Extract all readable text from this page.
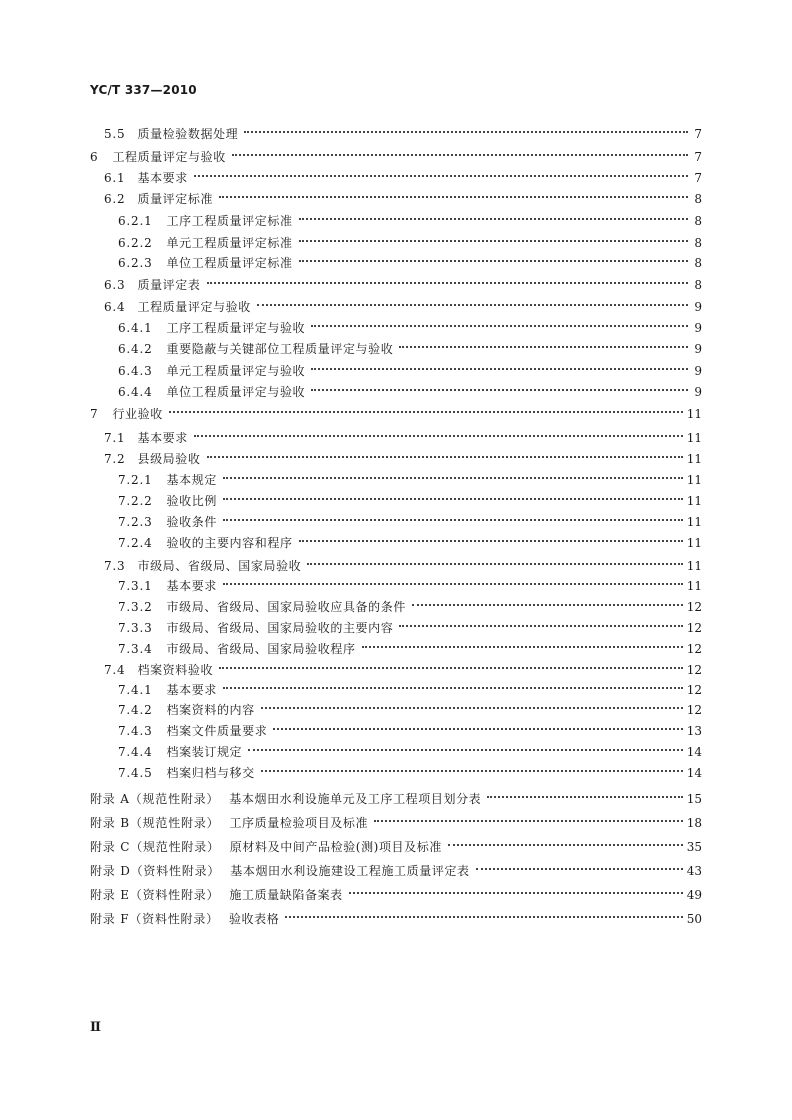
YC/T 337—2010
5.5 质量检验数据处理	7
6 工程质量评定与验收	7
6.1 基本要求	7
6.2 质量评定标准	8
6.2.1 工序工程质量评定标准	8
6.2.2 单元工程质量评定标准	8
6.2.3 单位工程质量评定标准	8
6.3 质量评定表	8
6.4 工程质量评定与验收	9
6.4.1 工序工程质量评定与验收	9
6.4.2 重要隐蔽与关键部位工程质量评定与验收	9
6.4.3 单元工程质量评定与验收	9
6.4.4 单位工程质量评定与验收	9
7 行业验收	11
7.1 基本要求	11
7.2 县级局验收	11
7.2.1 基本规定	11
7.2.2 验收比例	11
7.2.3 验收条件	11
7.2.4 验收的主要内容和程序	11
7.3 市级局、省级局、国家局验收	11
7.3.1 基本要求	11
7.3.2 市级局、省级局、国家局验收应具备的条件	12
7.3.3 市级局、省级局、国家局验收的主要内容	12
7.3.4 市级局、省级局、国家局验收程序	12
7.4 档案资料验收	12
7.4.1 基本要求	12
7.4.2 档案资料的内容	12
7.4.3 档案文件质量要求	13
7.4.4 档案装订规定	14
7.4.5 档案归档与移交	14
附录 A（规范性附录） 基本烟田水利设施单元及工序工程项目划分表	15
附录 B（规范性附录） 工序质量检验项目及标准	18
附录 C（规范性附录） 原材料及中间产品检验(测)项目及标准	35
附录 D（资料性附录） 基本烟田水利设施建设工程施工质量评定表	43
附录 E（资料性附录） 施工质量缺陷备案表	49
附录 F（资料性附录） 验收表格	50
Ⅱ
